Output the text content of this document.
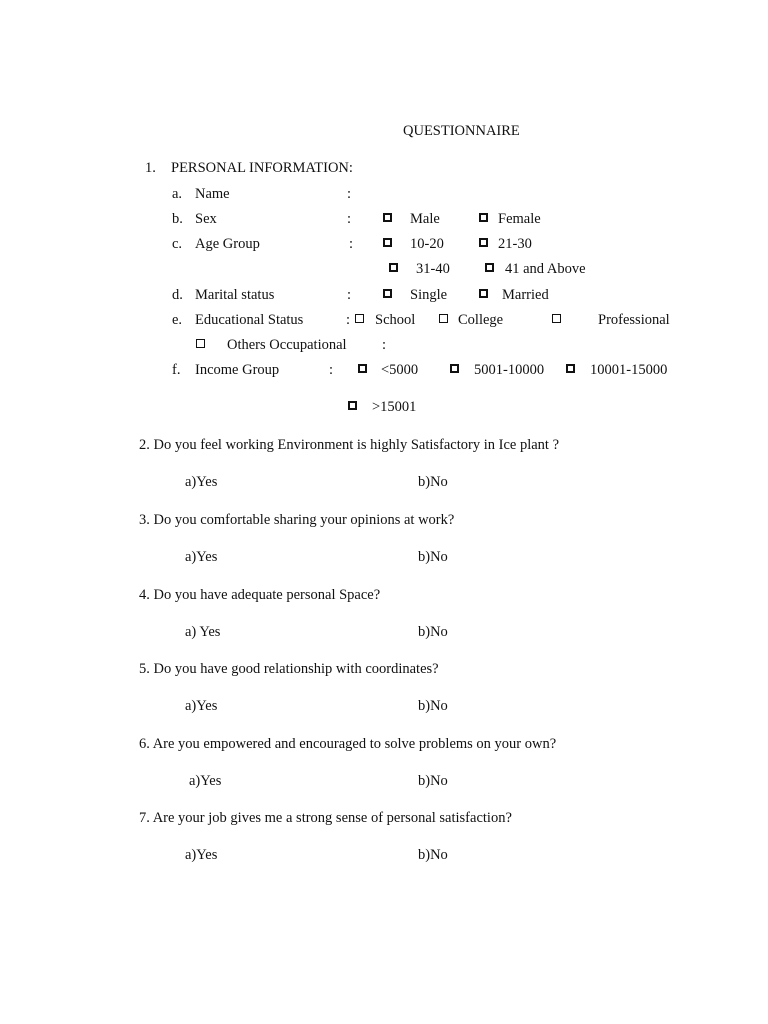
QUESTIONNAIRE
1. PERSONAL INFORMATION:
a. Name	:
b. Sex	:	Male	Female
c. Age Group	:	10-20	21-30
31-40	41 and Above
d. Marital status	:	Single	Married
e. Educational Status	: School	College	Professional
Others Occupational :
f. Income Group	:	<5000	5001-10000	10001-15000
>15001
2. Do you feel working Environment is highly Satisfactory in Ice plant ?
a)Yes	b)No
3. Do you comfortable sharing your opinions at work?
a)Yes	b)No
4. Do you have adequate personal Space?
a) Yes	b)No
5. Do you have good relationship with coordinates?
a)Yes	b)No
6. Are you empowered and encouraged to solve problems on your own?
a)Yes	b)No
7. Are your job gives me a strong sense of personal satisfaction?
a)Yes	b)No
